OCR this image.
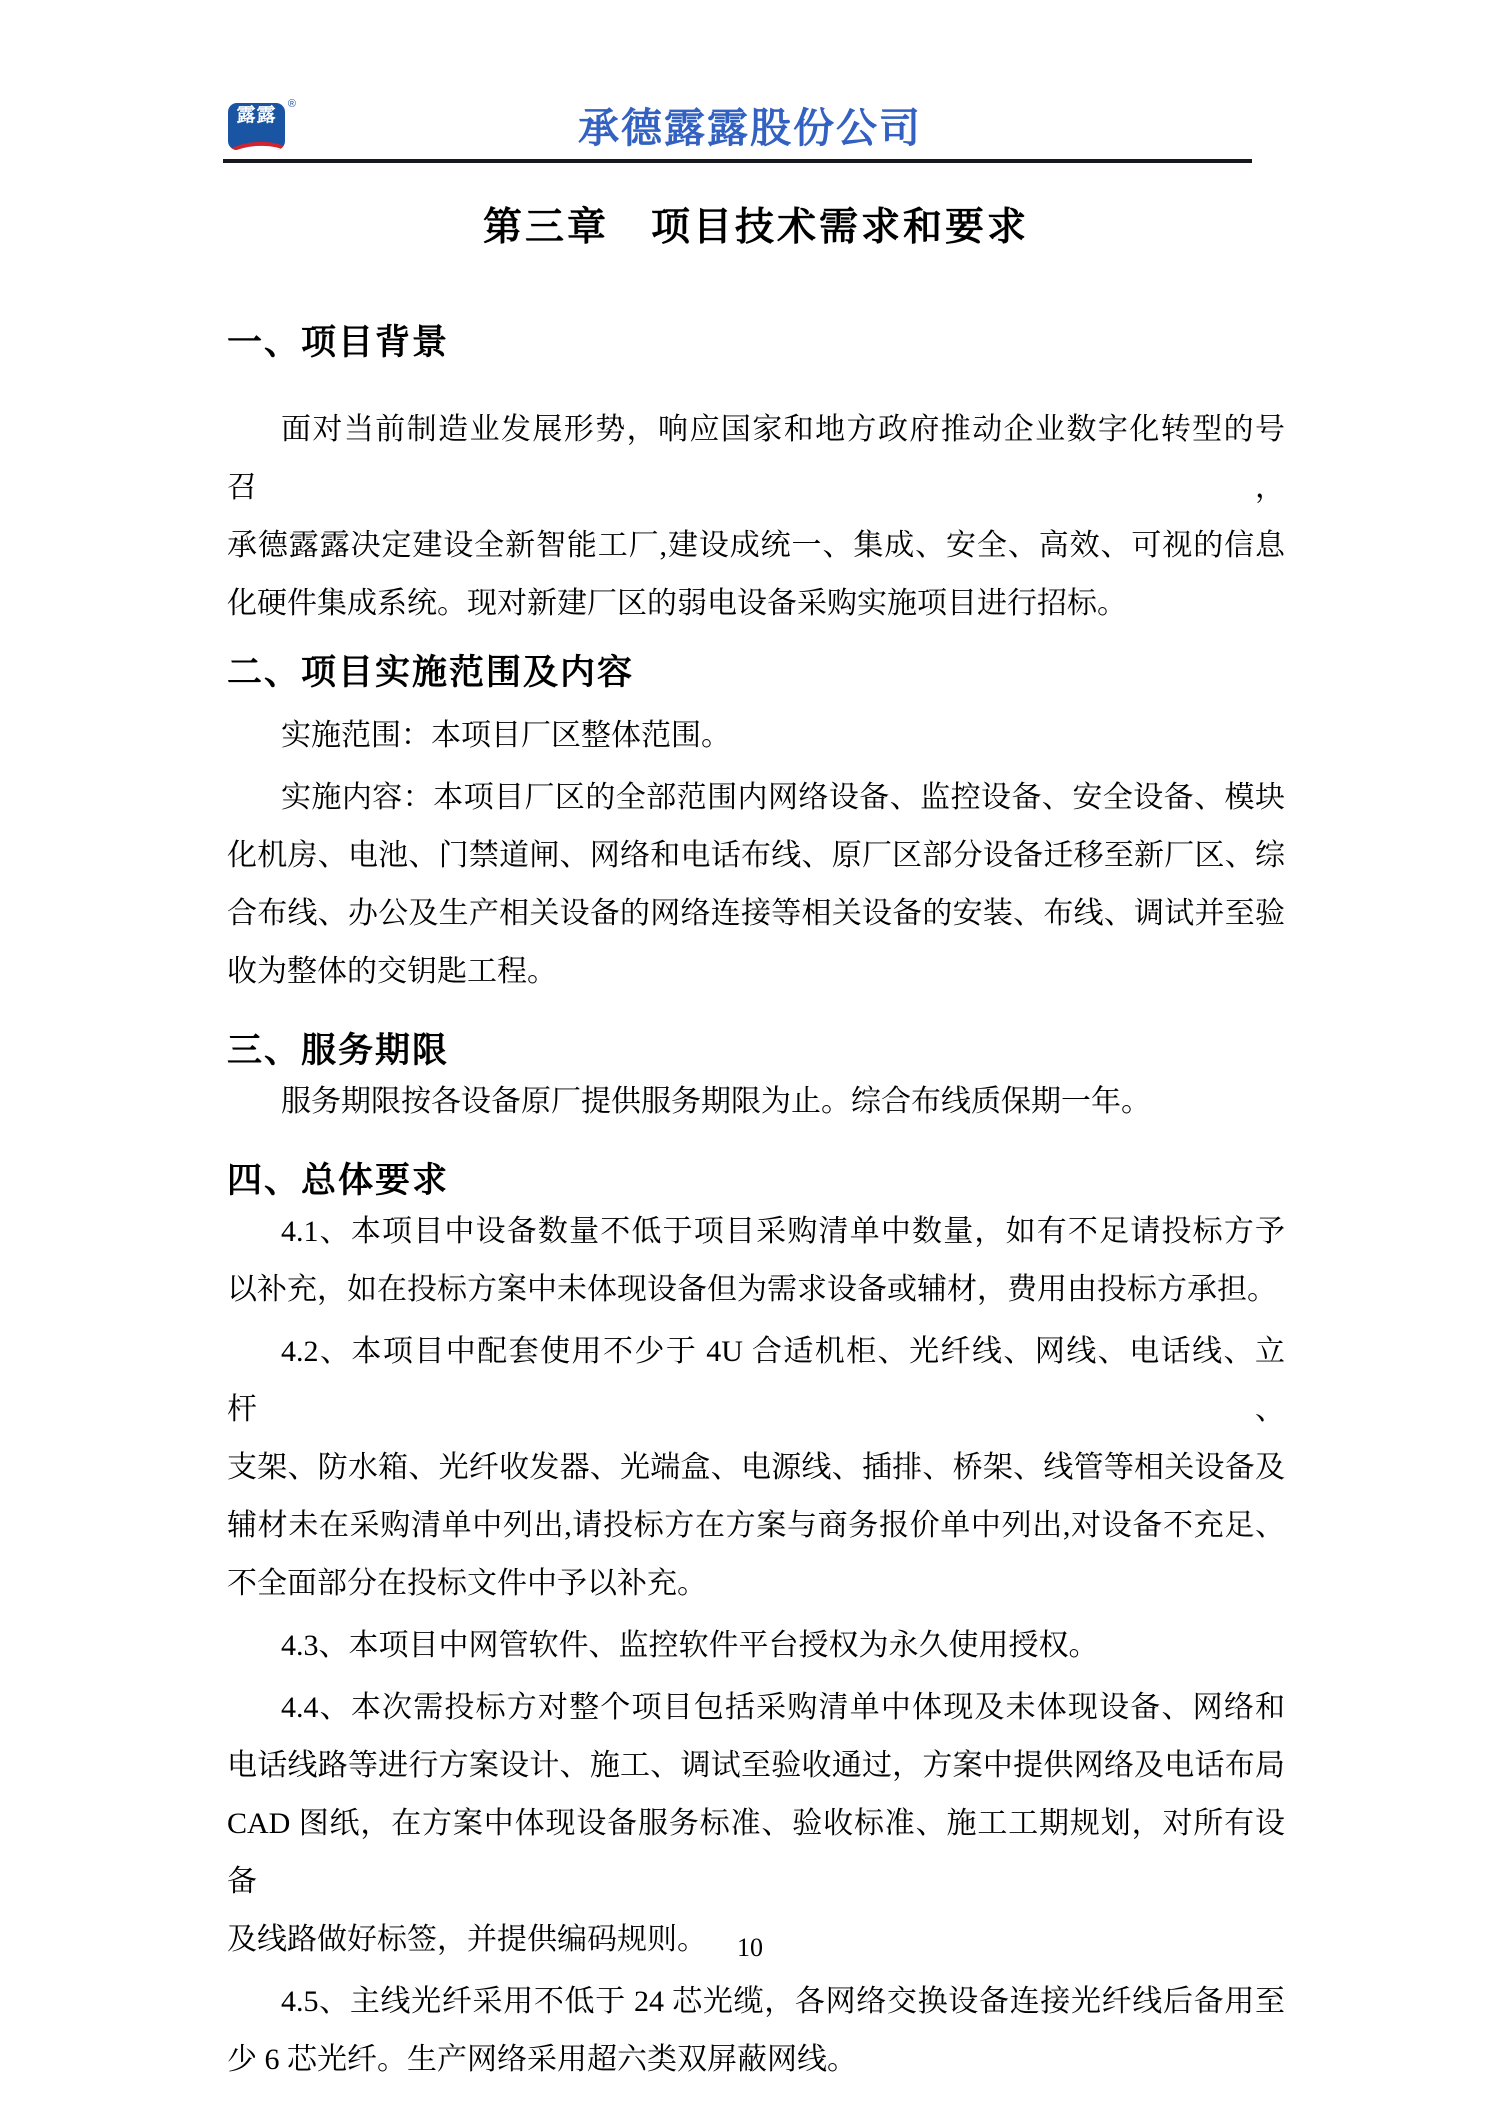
露露
®
承德露露股份公司
第三章　项目技术需求和要求
一、项目背景
面对当前制造业发展形势，响应国家和地方政府推动企业数字化转型的号召，
承德露露决定建设全新智能工厂,建设成统一、集成、安全、高效、可视的信息
化硬件集成系统。现对新建厂区的弱电设备采购实施项目进行招标。
二、项目实施范围及内容
实施范围：本项目厂区整体范围。
实施内容：本项目厂区的全部范围内网络设备、监控设备、安全设备、模块
化机房、电池、门禁道闸、网络和电话布线、原厂区部分设备迁移至新厂区、综
合布线、办公及生产相关设备的网络连接等相关设备的安装、布线、调试并至验
收为整体的交钥匙工程。
三、服务期限
服务期限按各设备原厂提供服务期限为止。综合布线质保期一年。
四、总体要求
4.1、本项目中设备数量不低于项目采购清单中数量，如有不足请投标方予
以补充，如在投标方案中未体现设备但为需求设备或辅材，费用由投标方承担。
4.2、本项目中配套使用不少于 4U 合适机柜、光纤线、网线、电话线、立杆、
支架、防水箱、光纤收发器、光端盒、电源线、插排、桥架、线管等相关设备及
辅材未在采购清单中列出,请投标方在方案与商务报价单中列出,对设备不充足、
不全面部分在投标文件中予以补充。
4.3、本项目中网管软件、监控软件平台授权为永久使用授权。
4.4、本次需投标方对整个项目包括采购清单中体现及未体现设备、网络和
电话线路等进行方案设计、施工、调试至验收通过，方案中提供网络及电话布局
CAD 图纸，在方案中体现设备服务标准、验收标准、施工工期规划，对所有设备
及线路做好标签，并提供编码规则。
4.5、主线光纤采用不低于 24 芯光缆，各网络交换设备连接光纤线后备用至
少 6 芯光纤。生产网络采用超六类双屏蔽网线。
10
